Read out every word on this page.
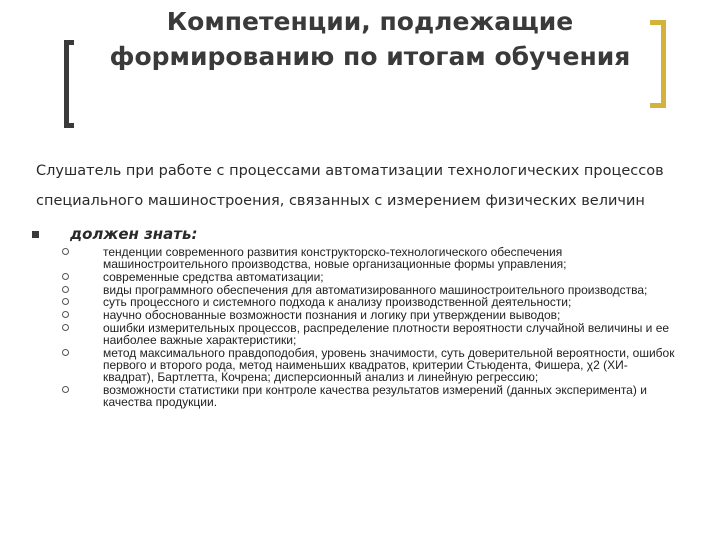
Компетенции, подлежащие формированию по итогам обучения

Слушатель при работе с процессами автоматизации технологических процессов специального машиностроения, связанных с измерением физических величин

должен знать:
тенденции современного развития конструкторско-технологического обеспечения машиностроительного производства, новые организационные формы управления;
современные средства автоматизации;
виды программного обеспечения для автоматизированного машиностроительного производства;
суть процессного и системного подхода к анализу производственной деятельности;
научно обоснованные возможности познания и логику при утверждении выводов;
ошибки измерительных процессов, распределение плотности вероятности случайной величины и ее наиболее важные характеристики;
метод максимального правдоподобия, уровень значимости, суть доверительной вероятности, ошибок первого и второго рода, метод наименьших квадратов, критерии Стьюдента, Фишера, χ2 (ХИ-квадрат), Бартлетта, Кочрена; дисперсионный анализ и линейную регрессию;
возможности статистики при контроле качества результатов измерений (данных эксперимента) и качества продукции.
